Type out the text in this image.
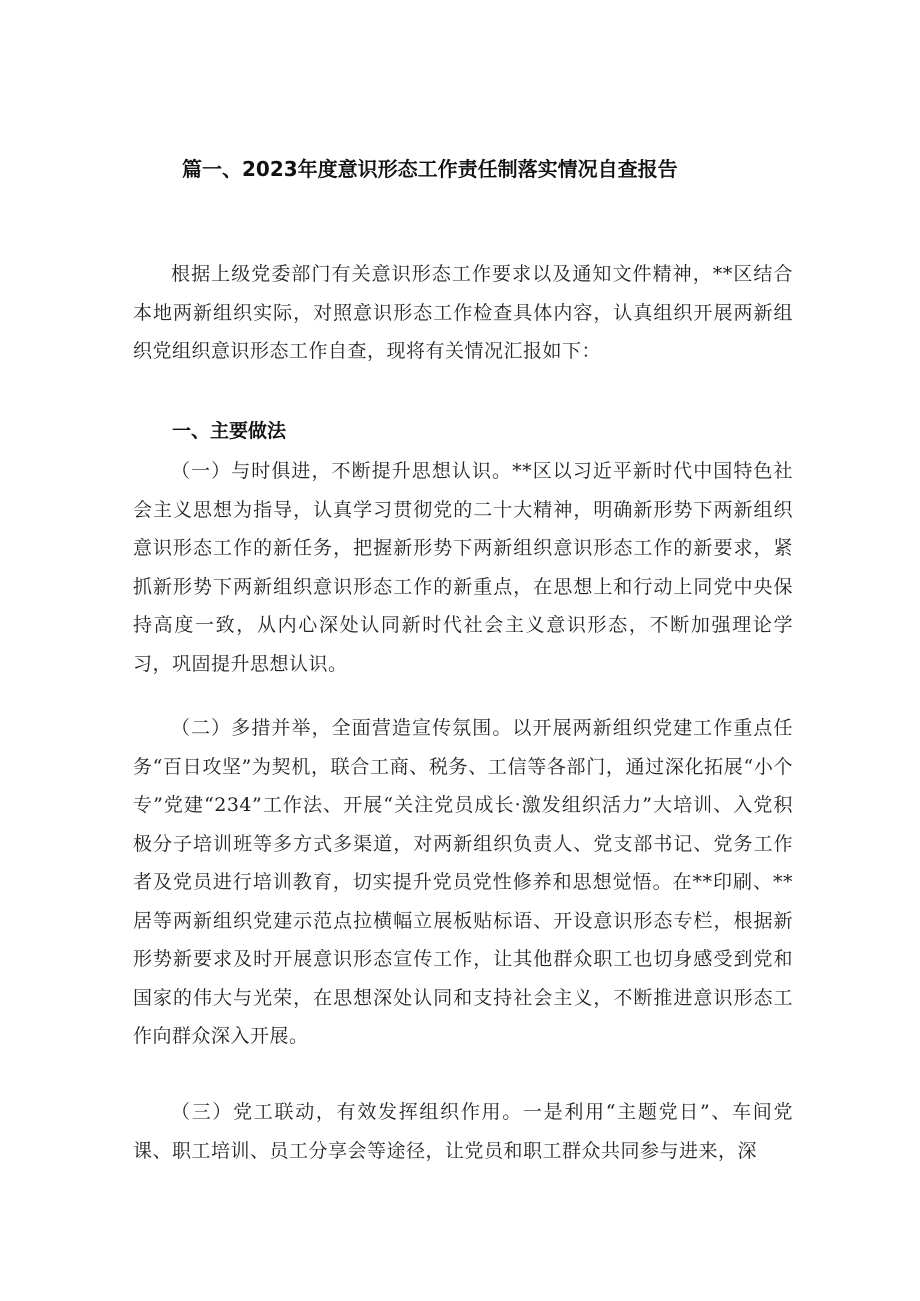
篇一、2023年度意识形态工作责任制落实情况自查报告

根据上级党委部门有关意识形态工作要求以及通知文件精神，**区结合本地两新组织实际，对照意识形态工作检查具体内容，认真组织开展两新组织党组织意识形态工作自查，现将有关情况汇报如下：

一、主要做法

（一）与时俱进，不断提升思想认识。**区以习近平新时代中国特色社会主义思想为指导，认真学习贯彻党的二十大精神，明确新形势下两新组织意识形态工作的新任务，把握新形势下两新组织意识形态工作的新要求，紧抓新形势下两新组织意识形态工作的新重点，在思想上和行动上同党中央保持高度一致，从内心深处认同新时代社会主义意识形态，不断加强理论学习，巩固提升思想认识。

（二）多措并举，全面营造宣传氛围。以开展两新组织党建工作重点任务“百日攻坚”为契机，联合工商、税务、工信等各部门，通过深化拓展“小个专”党建“234”工作法、开展“关注党员成长·激发组织活力”大培训、入党积极分子培训班等多方式多渠道，对两新组织负责人、党支部书记、党务工作者及党员进行培训教育，切实提升党员党性修养和思想觉悟。在**印刷、**居等两新组织党建示范点拉横幅立展板贴标语、开设意识形态专栏，根据新形势新要求及时开展意识形态宣传工作，让其他群众职工也切身感受到党和国家的伟大与光荣，在思想深处认同和支持社会主义，不断推进意识形态工作向群众深入开展。

（三）党工联动，有效发挥组织作用。一是利用“主题党日”、车间党课、职工培训、员工分享会等途径，让党员和职工群众共同参与进来，深
